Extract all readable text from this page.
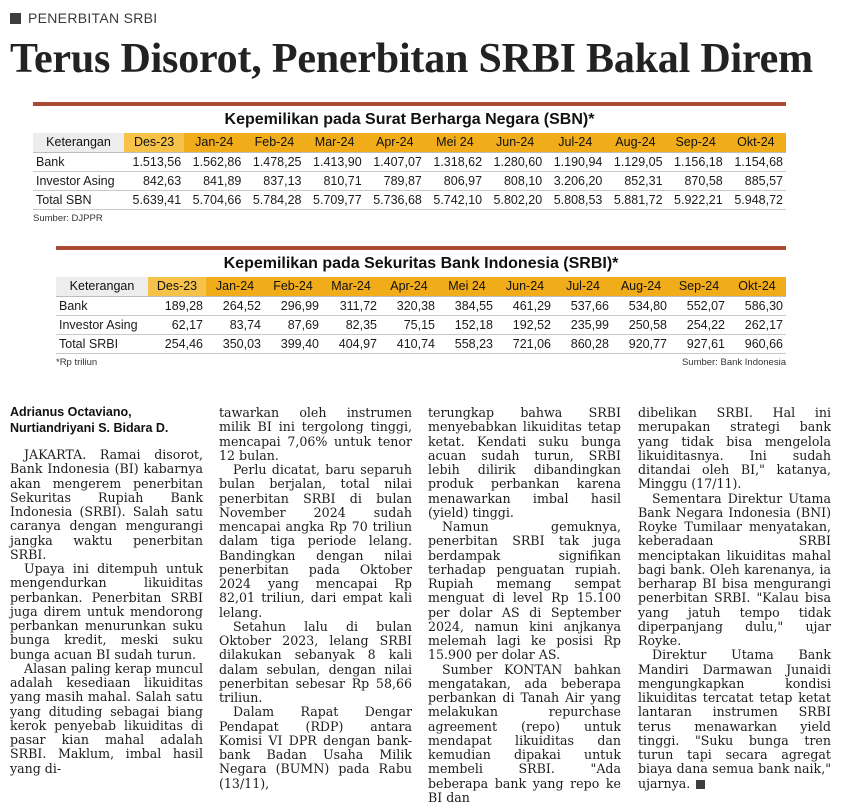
PENERBITAN SRBI
Terus Disorot, Penerbitan SRBI Bakal Direm
Kepemilikan pada Surat Berharga Negara (SBN)*
Keterangan	Des-23	Jan-24	Feb-24	Mar-24	Apr-24	Mei 24	Jun-24	Jul-24	Aug-24	Sep-24	Okt-24
Bank	1.513,56	1.562,86	1.478,25	1.413,90	1.407,07	1.318,62	1.280,60	1.190,94	1.129,05	1.156,18	1.154,68
Investor Asing	842,63	841,89	837,13	810,71	789,87	806,97	808,10	3.206,20	852,31	870,58	885,57
Total SBN	5.639,41	5.704,66	5.784,28	5.709,77	5.736,68	5.742,10	5.802,20	5.808,53	5.881,72	5.922,21	5.948,72
Sumber: DJPPR
Kepemilikan pada Sekuritas Bank Indonesia (SRBI)*
Keterangan	Des-23	Jan-24	Feb-24	Mar-24	Apr-24	Mei 24	Jun-24	Jul-24	Aug-24	Sep-24	Okt-24
Bank	189,28	264,52	296,99	311,72	320,38	384,55	461,29	537,66	534,80	552,07	586,30
Investor Asing	62,17	83,74	87,69	82,35	75,15	152,18	192,52	235,99	250,58	254,22	262,17
Total SRBI	254,46	350,03	399,40	404,97	410,74	558,23	721,06	860,28	920,77	927,61	960,66
*Rp triliun	Sumber: Bank Indonesia
Adrianus Octaviano,
Nurtiandriyani S. Bidara D.

JAKARTA. Ramai disorot, Bank Indonesia (BI) kabarnya akan mengerem penerbitan Sekuritas Rupiah Bank Indonesia (SRBI). Salah satu caranya dengan mengurangi jangka waktu penerbitan SRBI.

Upaya ini ditempuh untuk mengendurkan likuiditas perbankan. Penerbitan SRBI juga direm untuk mendorong perbankan menurunkan suku bunga kredit, meski suku bunga acuan BI sudah turun.

Alasan paling kerap muncul adalah kesediaan likuiditas yang masih mahal. Salah satu yang dituding sebagai biang kerok penyebab likuiditas di pasar kian mahal adalah SRBI. Maklum, imbal hasil yang di-

tawarkan oleh instrumen milik BI ini tergolong tinggi, mencapai 7,06% untuk tenor 12 bulan.

Perlu dicatat, baru separuh bulan berjalan, total nilai penerbitan SRBI di bulan November 2024 sudah mencapai angka Rp 70 triliun dalam tiga periode lelang. Bandingkan dengan nilai penerbitan pada Oktober 2024 yang mencapai Rp 82,01 triliun, dari empat kali lelang.

Setahun lalu di bulan Oktober 2023, lelang SRBI dilakukan sebanyak 8 kali dalam sebulan, dengan nilai penerbitan sebesar Rp 58,66 triliun.

Dalam Rapat Dengar Pendapat (RDP) antara Komisi VI DPR dengan bank-bank Badan Usaha Milik Negara (BUMN) pada Rabu (13/11),

terungkap bahwa SRBI menyebabkan likuiditas tetap ketat. Kendati suku bunga acuan sudah turun, SRBI lebih dilirik dibandingkan produk perbankan karena menawarkan imbal hasil (yield) tinggi.

Namun gemuknya, penerbitan SRBI tak juga berdampak signifikan terhadap penguatan rupiah. Rupiah memang sempat menguat di level Rp 15.100 per dolar AS di September 2024, namun kini anjkanya melemah lagi ke posisi Rp 15.900 per dolar AS.

Sumber KONTAN bahkan mengatakan, ada beberapa perbankan di Tanah Air yang melakukan repurchase agreement (repo) untuk mendapat likuiditas dan kemudian dipakai untuk membeli SRBI. "Ada beberapa bank yang repo ke BI dan

dibelikan SRBI. Hal ini merupakan strategi bank yang tidak bisa mengelola likuiditasnya. Ini sudah ditandai oleh BI," katanya, Minggu (17/11).

Sementara Direktur Utama Bank Negara Indonesia (BNI) Royke Tumilaar menyatakan, keberadaan SRBI menciptakan likuiditas mahal bagi bank. Oleh karenanya, ia berharap BI bisa mengurangi penerbitan SRBI. "Kalau bisa yang jatuh tempo tidak diperpanjang dulu," ujar Royke.

Direktur Utama Bank Mandiri Darmawan Junaidi mengungkapkan kondisi likuiditas tercatat tetap ketat lantaran instrumen SRBI terus menawarkan yield tinggi. "Suku bunga tren turun tapi secara agregat biaya dana semua bank naik," ujarnya.
